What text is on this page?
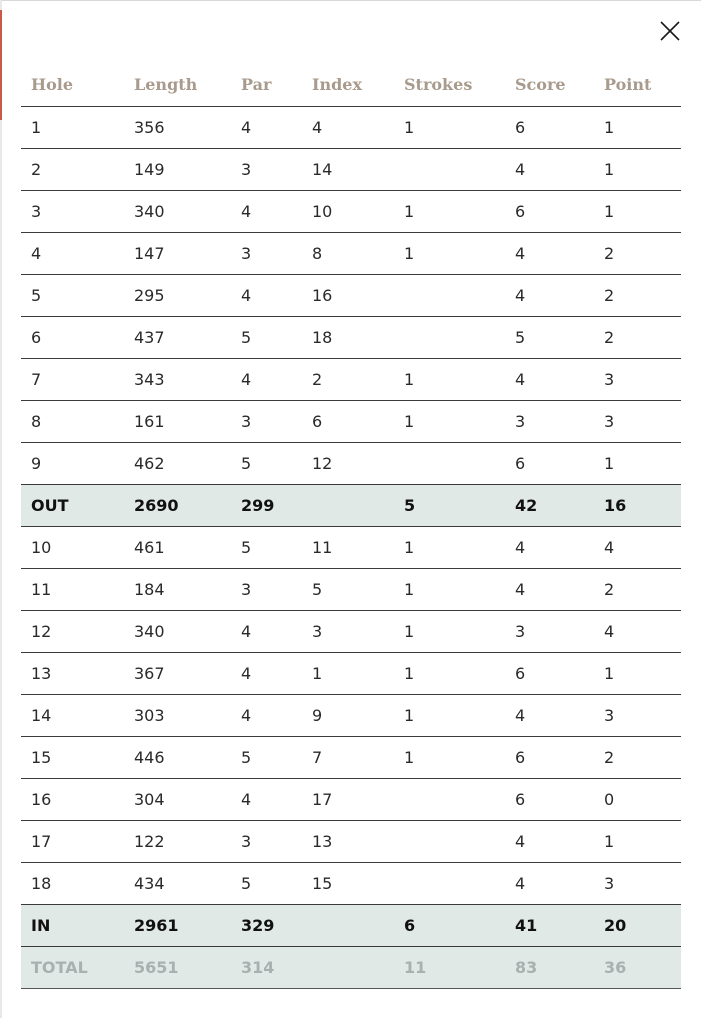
Hole	Length	Par	Index	Strokes	Score	Point
1	356	4	4	1	6	1
2	149	3	14		4	1
3	340	4	10	1	6	1
4	147	3	8	1	4	2
5	295	4	16		4	2
6	437	5	18		5	2
7	343	4	2	1	4	3
8	161	3	6	1	3	3
9	462	5	12		6	1
OUT	2690	299		5	42	16
10	461	5	11	1	4	4
11	184	3	5	1	4	2
12	340	4	3	1	3	4
13	367	4	1	1	6	1
14	303	4	9	1	4	3
15	446	5	7	1	6	2
16	304	4	17		6	0
17	122	3	13		4	1
18	434	5	15		4	3
IN	2961	329		6	41	20
TOTAL	5651	314		11	83	36
